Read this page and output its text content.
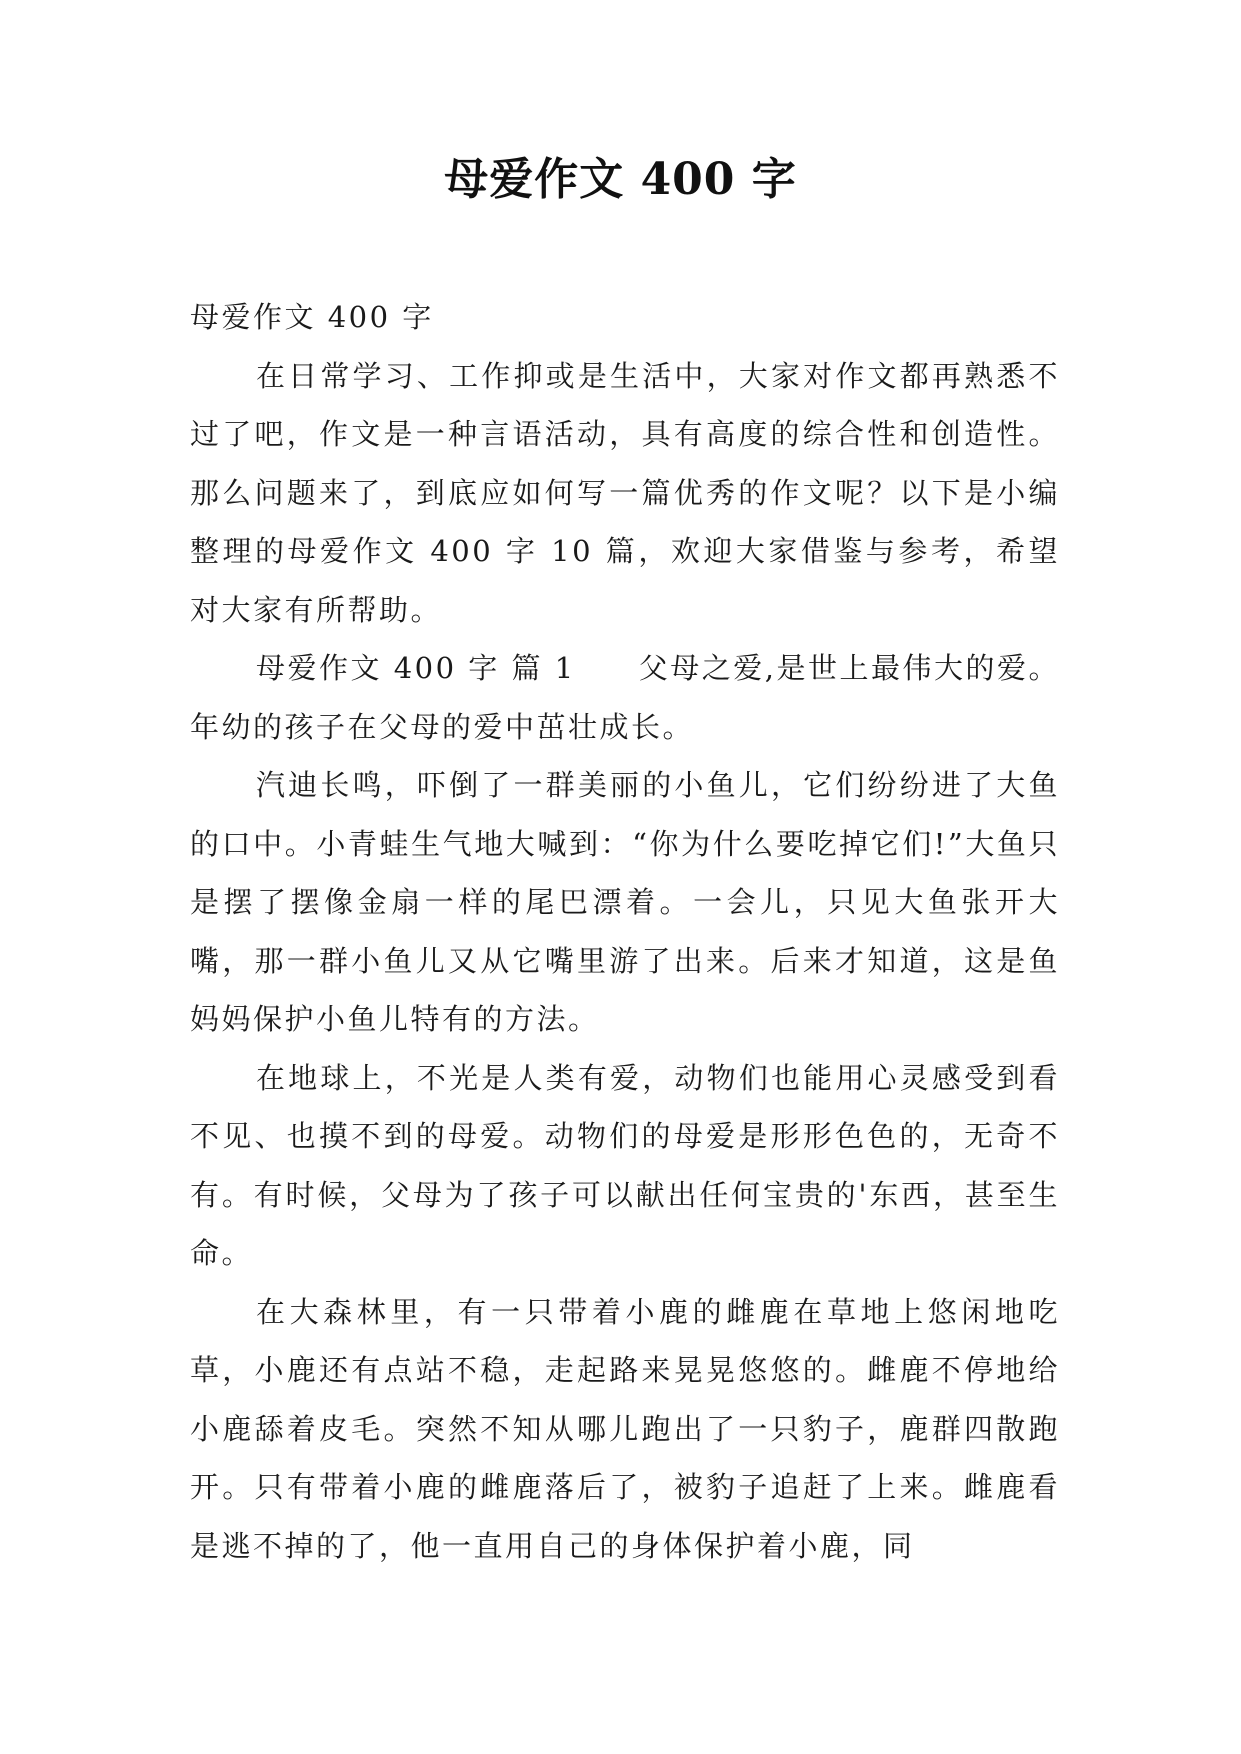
母爱作文 400 字

母爱作文 400 字

在日常学习、工作抑或是生活中，大家对作文都再熟悉不过了吧，作文是一种言语活动，具有高度的综合性和创造性。那么问题来了，到底应如何写一篇优秀的作文呢？以下是小编整理的母爱作文 400 字 10 篇，欢迎大家借鉴与参考，希望对大家有所帮助。

母爱作文 400 字 篇 1　　父母之爱,是世上最伟大的爱。年幼的孩子在父母的爱中茁壮成长。

汽迪长鸣，吓倒了一群美丽的小鱼儿，它们纷纷进了大鱼的口中。小青蛙生气地大喊到：“你为什么要吃掉它们!”大鱼只是摆了摆像金扇一样的尾巴漂着。一会儿，只见大鱼张开大嘴，那一群小鱼儿又从它嘴里游了出来。后来才知道，这是鱼妈妈保护小鱼儿特有的方法。

在地球上，不光是人类有爱，动物们也能用心灵感受到看不见、也摸不到的母爱。动物们的母爱是形形色色的，无奇不有。有时候，父母为了孩子可以献出任何宝贵的'东西，甚至生命。

在大森林里，有一只带着小鹿的雌鹿在草地上悠闲地吃草，小鹿还有点站不稳，走起路来晃晃悠悠的。雌鹿不停地给小鹿舔着皮毛。突然不知从哪儿跑出了一只豹子，鹿群四散跑开。只有带着小鹿的雌鹿落后了，被豹子追赶了上来。雌鹿看是逃不掉的了，他一直用自己的身体保护着小鹿，同
